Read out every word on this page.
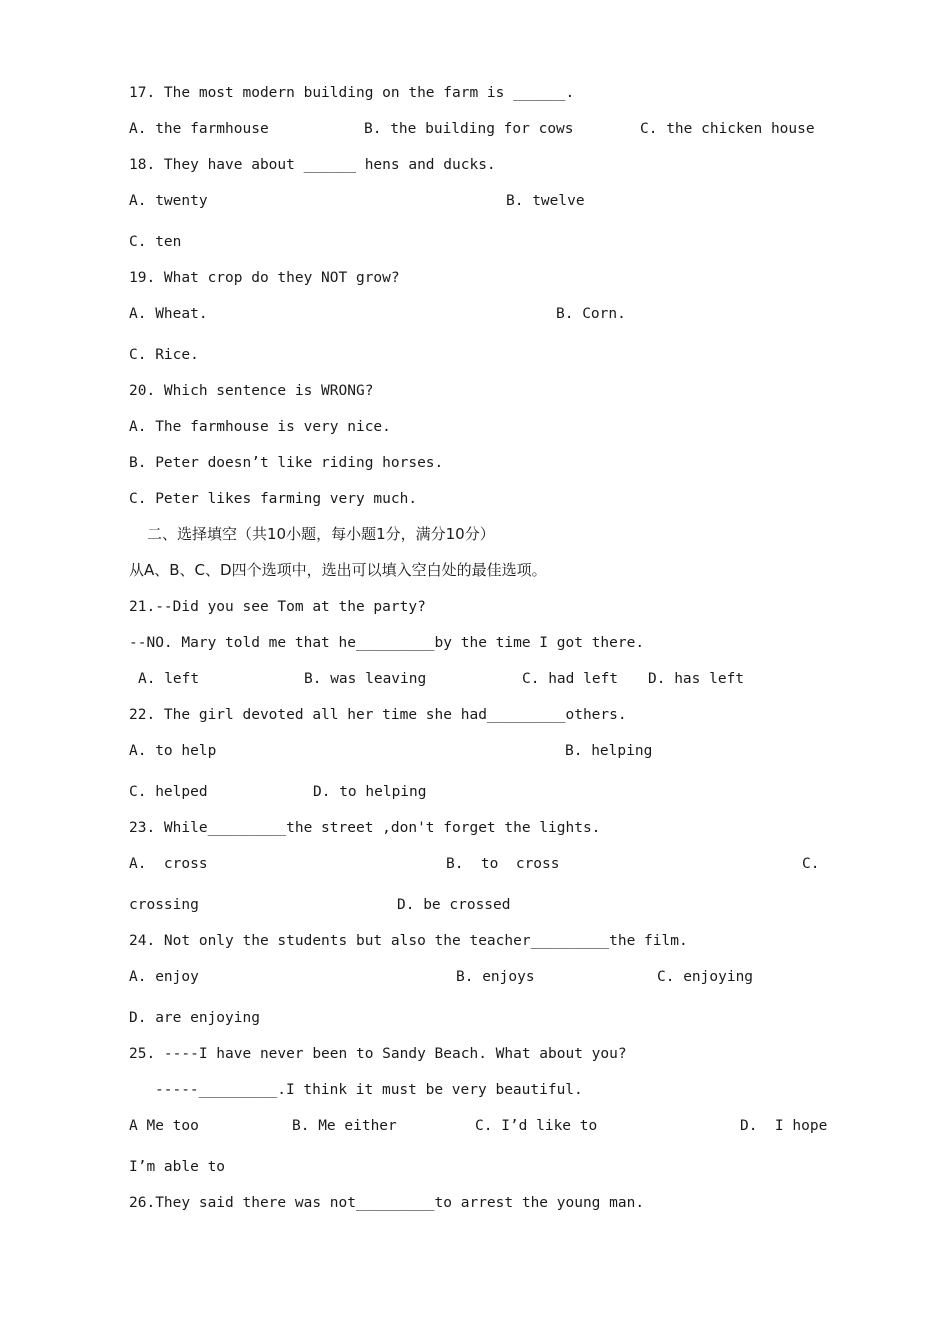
17. The most modern building on the farm is ______.
A. the farmhouse	B. the building for cows	C. the chicken house
18. They have about ______ hens and ducks.
A. twenty	B. twelve
C. ten
19. What crop do they NOT grow?
A. Wheat.	B. Corn.
C. Rice.
20. Which sentence is WRONG?
A. The farmhouse is very nice.
B. Peter doesn’t like riding horses.
C. Peter likes farming very much.
二、选择填空（共10小题，每小题1分，满分10分）
从A、B、C、D四个选项中，选出可以填入空白处的最佳选项。
21.--Did you see Tom at the party?
--NO. Mary told me that he_________by the time I got there.
A. left	B. was leaving	C. had left D. has left
22. The girl devoted all her time she had_________others.
A. to help	B. helping
C. helped	D. to helping
23. While_________the street ,don't forget the lights.
A.  cross	B.  to  cross	C.
crossing	D. be crossed
24. Not only the students but also the teacher_________the film.
A. enjoy	B. enjoys	C. enjoying
D. are enjoying
25. ----I have never been to Sandy Beach. What about you?
-----_________.I think it must be very beautiful.
A Me too	B. Me either	C. I’d like to	D.  I hope
I’m able to
26.They said there was not_________to arrest the young man.
